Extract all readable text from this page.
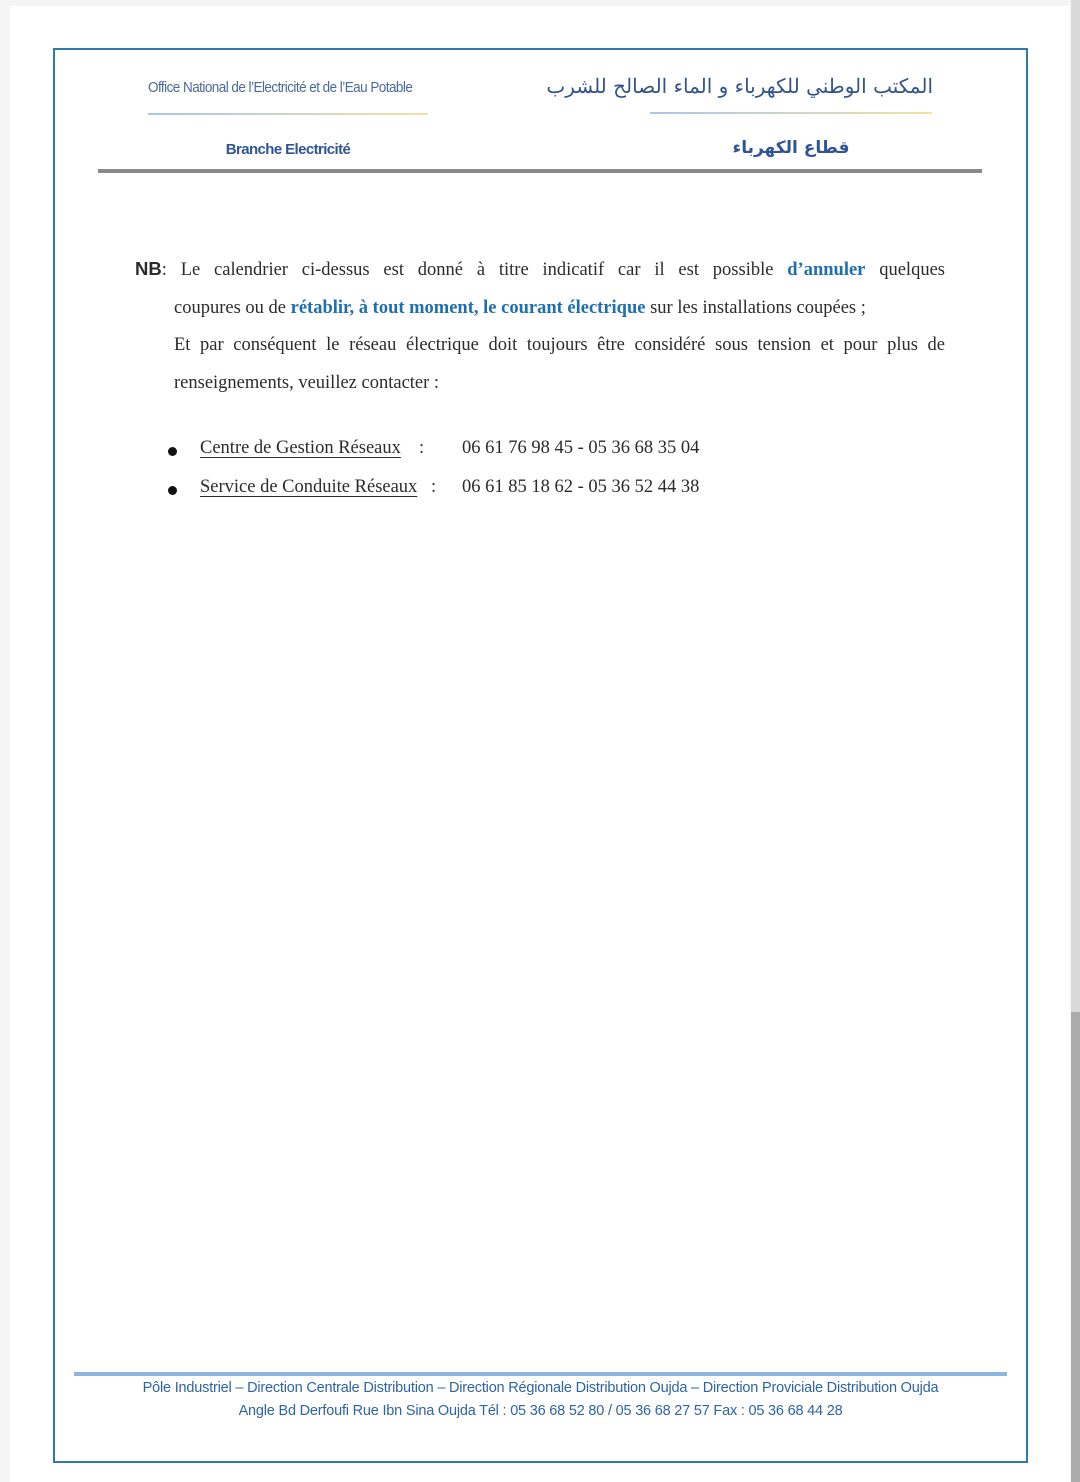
Office National de l’Electricité et de l’Eau Potable	المكتب الوطني للكهرباء و الماء الصالح للشرب
Branche Electricité	قطاع الكهرباء

NB: Le calendrier ci-dessus est donné à titre indicatif car il est possible d’annuler quelques

coupures ou de rétablir, à tout moment, le courant électrique sur les installations coupées ;

Et par conséquent le réseau électrique doit toujours être considéré sous tension et pour plus de

renseignements, veuillez contacter :

Centre de Gestion Réseaux : 06 61 76 98 45 - 05 36 68 35 04
Service de Conduite Réseaux : 06 61 85 18 62 - 05 36 52 44 38
Pôle Industriel – Direction Centrale Distribution – Direction Régionale Distribution Oujda – Direction Proviciale Distribution Oujda
Angle Bd Derfoufi Rue Ibn Sina Oujda Tél : 05 36 68 52 80 / 05 36 68 27 57 Fax : 05 36 68 44 28
